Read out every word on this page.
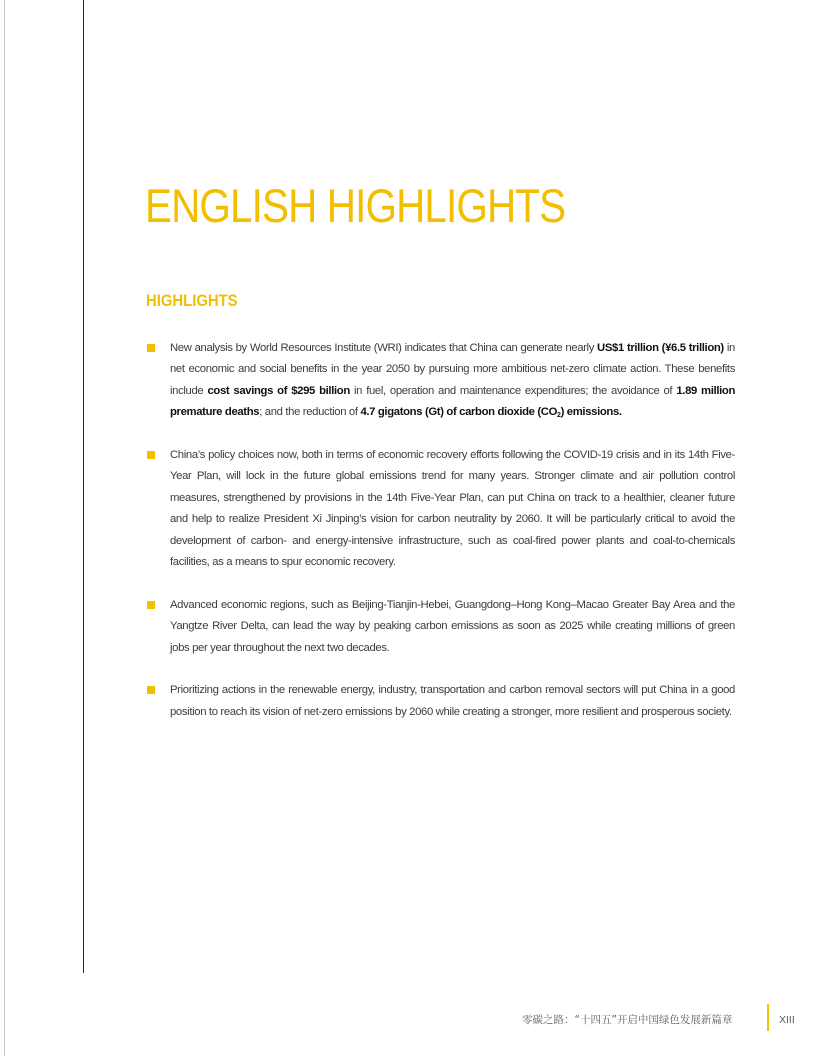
ENGLISH HIGHLIGHTS
HIGHLIGHTS
New analysis by World Resources Institute (WRI) indicates that China can generate nearly US$1 trillion (¥6.5 trillion) in net economic and social benefits in the year 2050 by pursuing more ambitious net-zero climate action. These benefits include cost savings of $295 billion in fuel, operation and maintenance expenditures; the avoidance of 1.89 million premature deaths; and the reduction of 4.7 gigatons (Gt) of carbon dioxide $(CO_2)$ emissions.
China’s policy choices now, both in terms of economic recovery efforts following the COVID-19 crisis and in its 14th Five-Year Plan, will lock in the future global emissions trend for many years. Stronger climate and air pollution control measures, strengthened by provisions in the 14th Five-Year Plan, can put China on track to a healthier, cleaner future and help to realize President Xi Jinping’s vision for carbon neutrality by 2060. It will be particularly critical to avoid the development of carbon- and energy-intensive infrastructure, such as coal-fired power plants and coal-to-chemicals facilities, as a means to spur economic recovery.
Advanced economic regions, such as Beijing-Tianjin-Hebei, Guangdong–Hong Kong–Macao Greater Bay Area and the Yangtze River Delta, can lead the way by peaking carbon emissions as soon as 2025 while creating millions of green jobs per year throughout the next two decades.
Prioritizing actions in the renewable energy, industry, transportation and carbon removal sectors will put China in a good position to reach its vision of net-zero emissions by 2060 while creating a stronger, more resilient and prosperous society.
零碳之路：“十四五”开启中国绿色发展新篇章	XIII
